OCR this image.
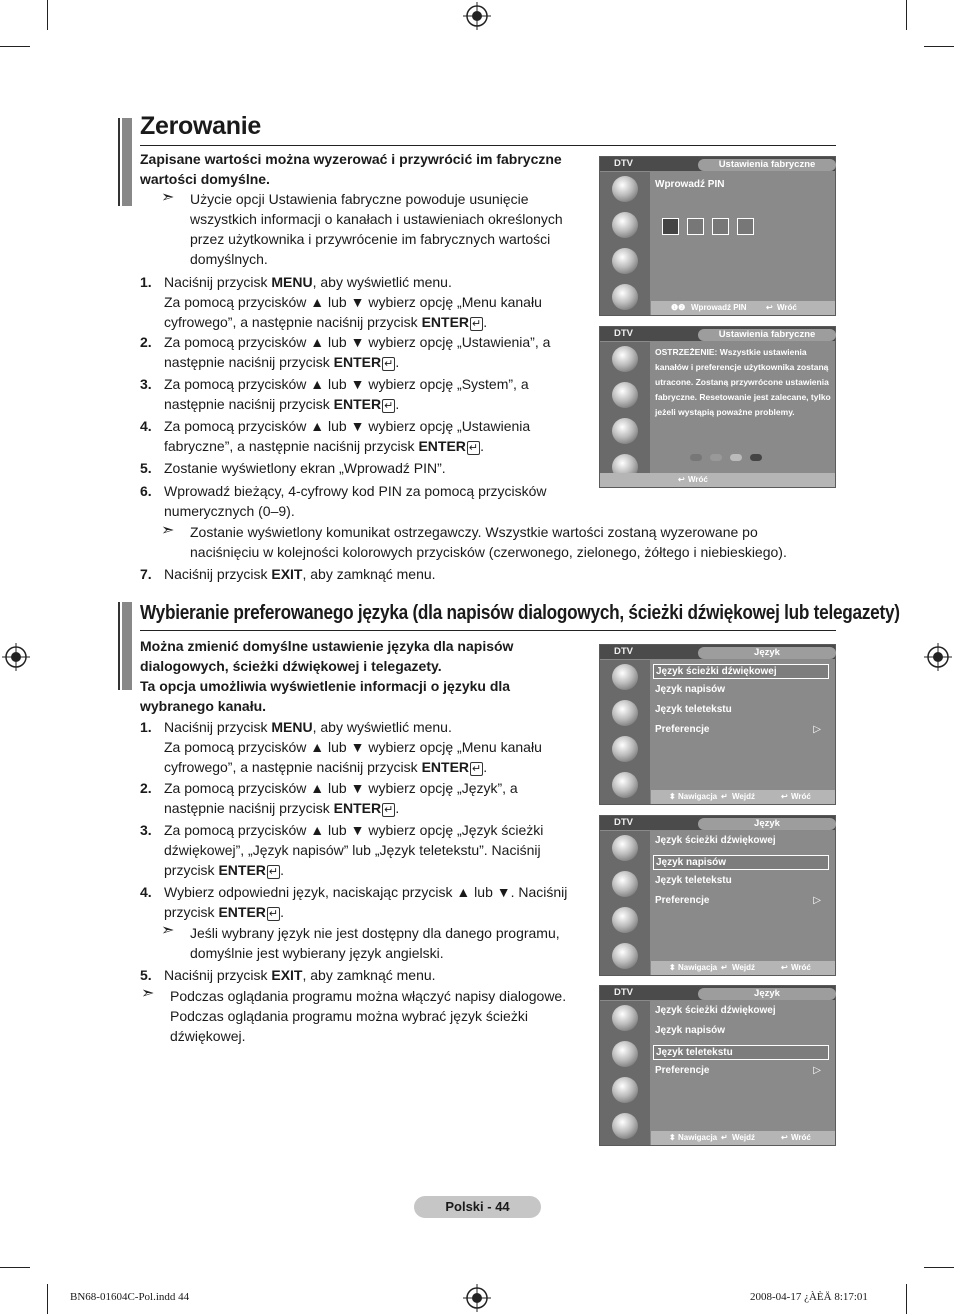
Zerowanie
Zapisane wartości można wyzerować i przywrócić im fabryczne wartości domyślne.
➣ Użycie opcji Ustawienia fabryczne powoduje usunięcie
wszystkich informacji o kanałach i ustawieniach określonych
przez użytkownika i przywrócenie im fabrycznych wartości
domyślnych.
1. Naciśnij przycisk MENU, aby wyświetlić menu.
Za pomocą przycisków ▲ lub ▼ wybierz opcję „Menu kanału
cyfrowego”, a następnie naciśnij przycisk ENTER ↵ .
2. Za pomocą przycisków ▲ lub ▼ wybierz opcję „Ustawienia”, a
następnie naciśnij przycisk ENTER ↵ .
3. Za pomocą przycisków ▲ lub ▼ wybierz opcję „System”, a
następnie naciśnij przycisk ENTER ↵ .
4. Za pomocą przycisków ▲ lub ▼ wybierz opcję „Ustawienia
fabryczne”, a następnie naciśnij przycisk ENTER ↵ .
5. Zostanie wyświetlony ekran „Wprowadź PIN”.
6. Wprowadź bieżący, 4-cyfrowy kod PIN za pomocą przycisków
numerycznych (0–9).
7. Naciśnij przycisk EXIT, aby zamknąć menu.
➣ Zostanie wyświetlony komunikat ostrzegawczy. Wszystkie wartości zostaną wyzerowane po
naciśnięciu w kolejności kolorowych przycisków (czerwonego, zielonego, żółtego i niebieskiego).
DTV	Ustawienia fabryczne
Wprowadź PIN
❶❷ Wprowadź PIN ↩ Wróć
DTV	Ustawienia fabryczne
OSTRZEŻENIE: Wszystkie ustawienia kanałów i preferencje użytkownika zostaną utracone. Zostaną przywrócone ustawienia fabryczne. Resetowanie jest zalecane, tylko jeżeli wystąpią poważne problemy.
↩ Wróć
Wybieranie preferowanego języka (dla napisów dialogowych, ścieżki dźwiękowej lub telegazety)
Można zmienić domyślne ustawienie języka dla napisów
dialogowych, ścieżki dźwiękowej i telegazety.
Ta opcja umożliwia wyświetlenie informacji o języku dla
wybranego kanału.
1. Naciśnij przycisk MENU, aby wyświetlić menu.
Za pomocą przycisków ▲ lub ▼ wybierz opcję „Menu kanału
cyfrowego”, a następnie naciśnij przycisk ENTER ↵ .
2. Za pomocą przycisków ▲ lub ▼ wybierz opcję „Język”, a
następnie naciśnij przycisk ENTER ↵ .
3. Za pomocą przycisków ▲ lub ▼ wybierz opcję „Język ścieżki
dźwiękowej”, „Język napisów” lub „Język teletekstu”. Naciśnij
przycisk ENTER ↵ .
4. Wybierz odpowiedni język, naciskając przycisk ▲ lub ▼. Naciśnij
przycisk ENTER ↵ .
5. Naciśnij przycisk EXIT, aby zamknąć menu.
➣ Jeśli wybrany język nie jest dostępny dla danego programu,
domyślnie jest wybierany język angielski.
➣ Podczas oglądania programu można włączyć napisy dialogowe.
Podczas oglądania programu można wybrać język ścieżki
dźwiękowej.
DTV	Język
Język ścieżki dźwiękowej
Język napisów
Język teletekstu
Preferencje	▷
⬍ Nawigacja ↵ Wejdź	↩ Wróć
DTV	Język
Język ścieżki dźwiękowej
Język napisów
Język teletekstu
Preferencje	▷
⬍ Nawigacja ↵ Wejdź	↩ Wróć
DTV	Język
Język ścieżki dźwiękowej
Język napisów
Język teletekstu
Preferencje	▷
⬍ Nawigacja ↵ Wejdź	↩ Wróć
Polski - 44
BN68-01604C-Pol.indd 44	2008-04-17 ¿ÀÈÄ 8:17:01
